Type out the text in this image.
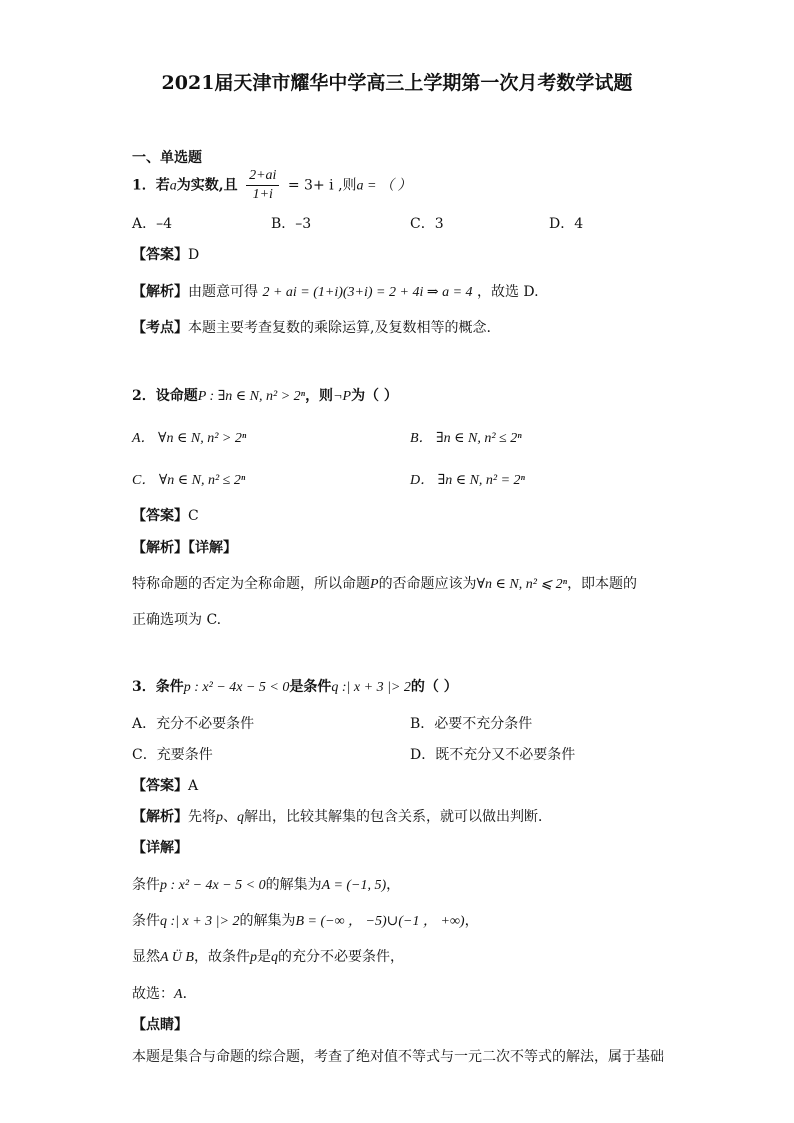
2021届天津市耀华中学高三上学期第一次月考数学试题
一、单选题
1．若a为实数,且 $\frac{2+ai}{1+i} = 3+ i$ ,则a = （ ）
A．–4	B．–3	C．3	D．4
【答案】D
【解析】由题意可得 2 + ai = (1+i)(3+i) = 2 + 4i ⇒ a = 4 ，故选 D.
【考点】本题主要考查复数的乘除运算,及复数相等的概念.
2．设命题P : ∃n ∈ N, n² > 2ⁿ，则¬P为（ ）
A． ∀n ∈ N, n² > 2ⁿ	B． ∃n ∈ N, n² ≤ 2ⁿ
C． ∀n ∈ N, n² ≤ 2ⁿ	D． ∃n ∈ N, n² = 2ⁿ
【答案】C
【解析】【详解】
特称命题的否定为全称命题，所以命题P的否命题应该为∀n ∈ N, n² ⩽ 2ⁿ，即本题的
正确选项为 C.
3．条件p : x² − 4x − 5 < 0是条件q :| x + 3 |> 2的（ ）
A．充分不必要条件	B．必要不充分条件
C．充要条件	D．既不充分又不必要条件
【答案】A
【解析】先将p、q解出，比较其解集的包含关系，就可以做出判断．
【详解】
条件p : x² − 4x − 5 < 0的解集为A = (−1, 5)，
条件q :| x + 3 |> 2的解集为B = (−∞ ， −5)∪(−1 ， +∞)，
显然A Ü B，故条件p是q的充分不必要条件，
故选：A．
【点睛】
本题是集合与命题的综合题，考查了绝对值不等式与一元二次不等式的解法，属于基础
